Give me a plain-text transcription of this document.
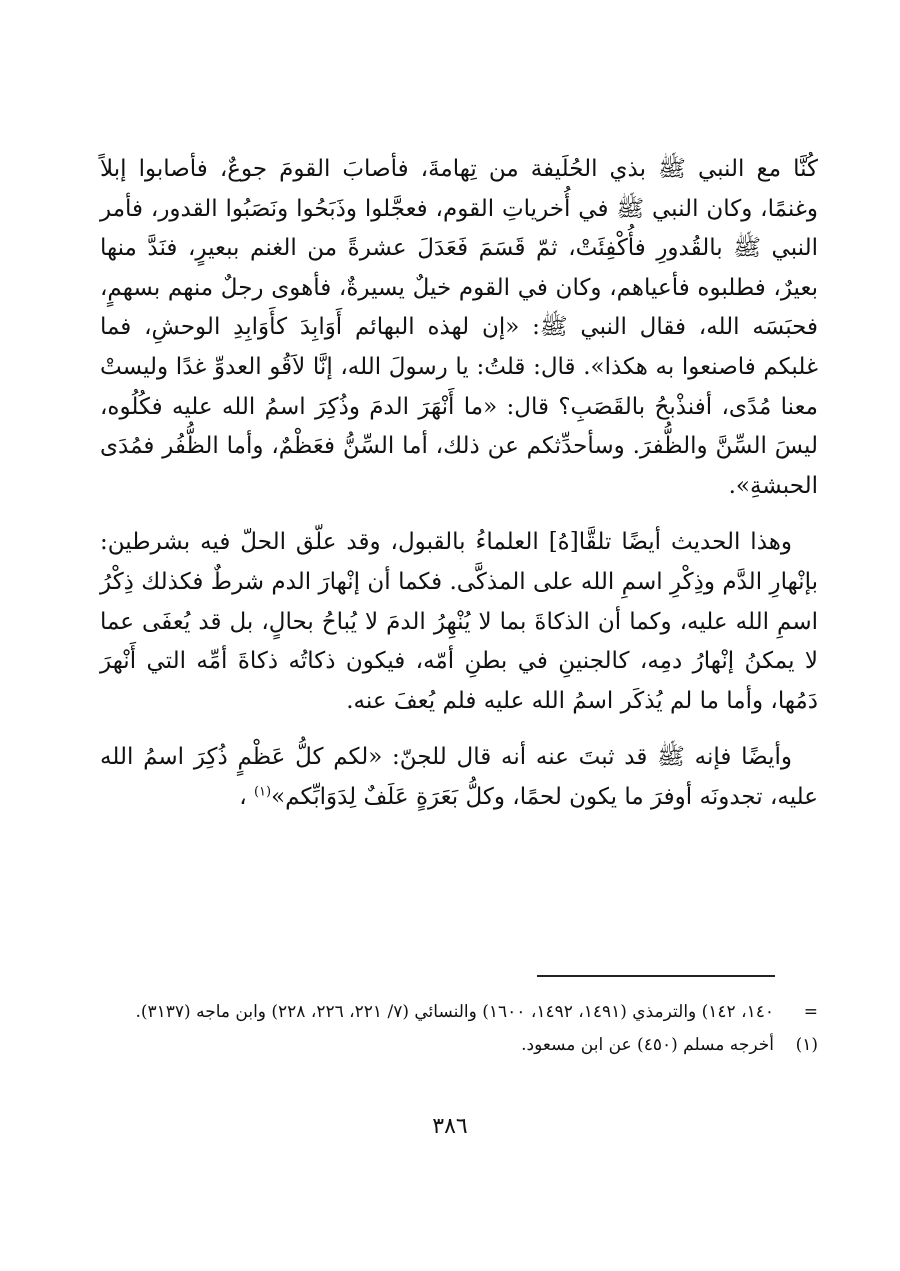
كُنَّا مع النبي ﷺ بذي الحُلَيفة من تِهامةَ، فأصابَ القومَ جوعٌ، فأصابوا إبلاً وغنمًا، وكان النبي ﷺ في أُخرياتِ القوم، فعجَّلوا وذَبَحُوا ونَصَبُوا القدور، فأمر النبي ﷺ بالقُدورِ فأُكْفِئَتْ، ثمّ قَسَمَ فَعَدَلَ عشرةً من الغنم ببعيرٍ، فنَدَّ منها بعيرٌ، فطلبوه فأعياهم، وكان في القوم خيلٌ يسيرةٌ، فأهوى رجلٌ منهم بسهمٍ، فحبَسَه الله، فقال النبي ﷺ: «إن لهذه البهائم أَوَابِدَ كأَوَابِدِ الوحشِ، فما غلبكم فاصنعوا به هكذا». قال: قلتُ: يا رسولَ الله، إنَّا لاَقُو العدوِّ غدًا وليستْ معنا مُدًى، أفنذْبحُ بالقَصَبِ؟ قال: «ما أَنْهَرَ الدمَ وذُكِرَ اسمُ الله عليه فكُلُوه، ليسَ السِّنَّ والظُّفرَ. وسأحدِّثكم عن ذلك، أما السِّنُّ فعَظْمٌ، وأما الظُّفُر فمُدَى الحبشةِ».

وهذا الحديث أيضًا تلقَّا[هُ] العلماءُ بالقبول، وقد علّق الحلّ فيه بشرطين: بإنْهارِ الدَّم وذِكْرِ اسمِ الله على المذكَّى. فكما أن إنْهارَ الدم شرطٌ فكذلك ذِكْرُ اسمِ الله عليه، وكما أن الذكاةَ بما لا يُنْهِرُ الدمَ لا يُباحُ بحالٍ، بل قد يُعفَى عما لا يمكنُ إنْهارُ دمِه، كالجنينِ في بطنِ أمّه، فيكون ذكاتُه ذكاةَ أمِّه التي أَنْهرَ دَمُها، وأما ما لم يُذكَر اسمُ الله عليه فلم يُعفَ عنه.

وأيضًا فإنه ﷺ قد ثبتَ عنه أنه قال للجنّ: «لكم كلُّ عَظْمٍ ذُكِرَ اسمُ الله عليه، تجدونَه أوفرَ ما يكون لحمًا، وكلُّ بَعَرَةٍ عَلَفٌ لِدَوَابِّكم»$^{(١)}$ ،

=
١٤٠، ١٤٢) والترمذي (١٤٩١، ١٤٩٢، ١٦٠٠) والنسائي (٧/ ٢٢١، ٢٢٦، ٢٢٨) وابن ماجه (٣١٣٧).

(١)
أخرجه مسلم (٤٥٠) عن ابن مسعود.

٣٨٦
